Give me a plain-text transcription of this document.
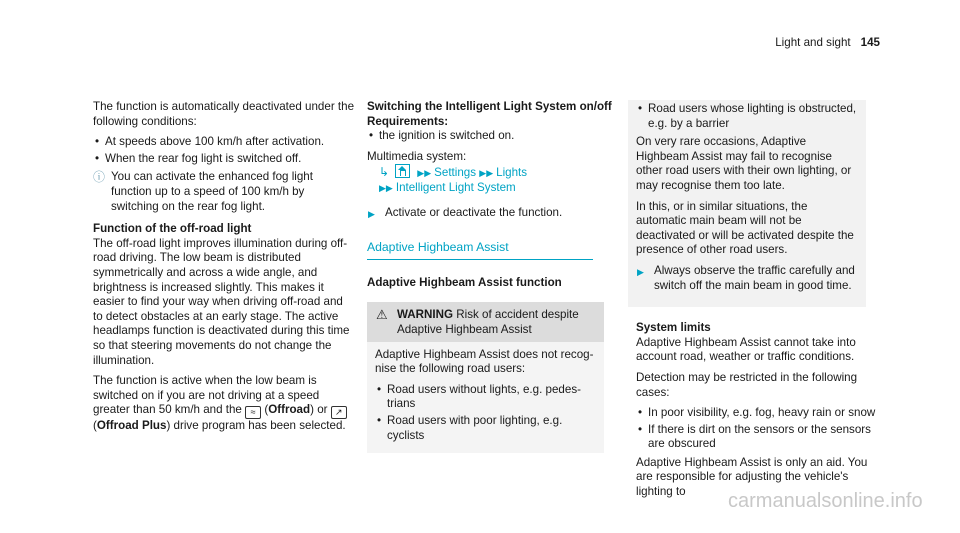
Light and sight 145

The function is automatically deactivated under the following conditions:

• At speeds above 100 km/h after activation.
• When the rear fog light is switched off.
ⓘ You can activate the enhanced fog light function up to a speed of 100 km/h by switching on the rear fog light.
Function of the off-road light

The off-road light improves illumination during off-road driving. The low beam is distributed symmetrically and across a wide angle, and brightness is increased slightly. This makes it easier to find your way when driving off-road and to detect obstacles at an early stage. The active headlamps function is deactivated during this time so that steering movements do not change the illumination.

The function is active when the low beam is switched on if you are not driving at a speed greater than 50 km/h and the ≈ (Offroad) or ↗ (Offroad Plus) drive program has been selected.

Switching the Intelligent Light System on/off
Requirements:
• the ignition is switched on.
Multimedia system:
↳	▶▶ Settings ▶▶ Lights
▶▶ Intelligent Light System
▶ Activate or deactivate the function.
Adaptive Highbeam Assist
Adaptive Highbeam Assist function
⚠ WARNING Risk of accident despite Adaptive Highbeam Assist

Adaptive Highbeam Assist does not recog-nise the following road users:

• Road users without lights, e.g. pedes-trians
• Road users with poor lighting, e.g. cyclists
• Road users whose lighting is obstructed, e.g. by a barrier

On very rare occasions, Adaptive Highbeam Assist may fail to recognise other road users with their own lighting, or may recognise them too late.

In this, or in similar situations, the automatic main beam will not be deactivated or will be activated despite the presence of other road users.

▶ Always observe the traffic carefully and switch off the main beam in good time.
System limits

Adaptive Highbeam Assist cannot take into account road, weather or traffic conditions.

Detection may be restricted in the following cases:

• In poor visibility, e.g. fog, heavy rain or snow
• If there is dirt on the sensors or the sensors are obscured

Adaptive Highbeam Assist is only an aid. You are responsible for adjusting the vehicle's lighting to	carmanualsonline.info
